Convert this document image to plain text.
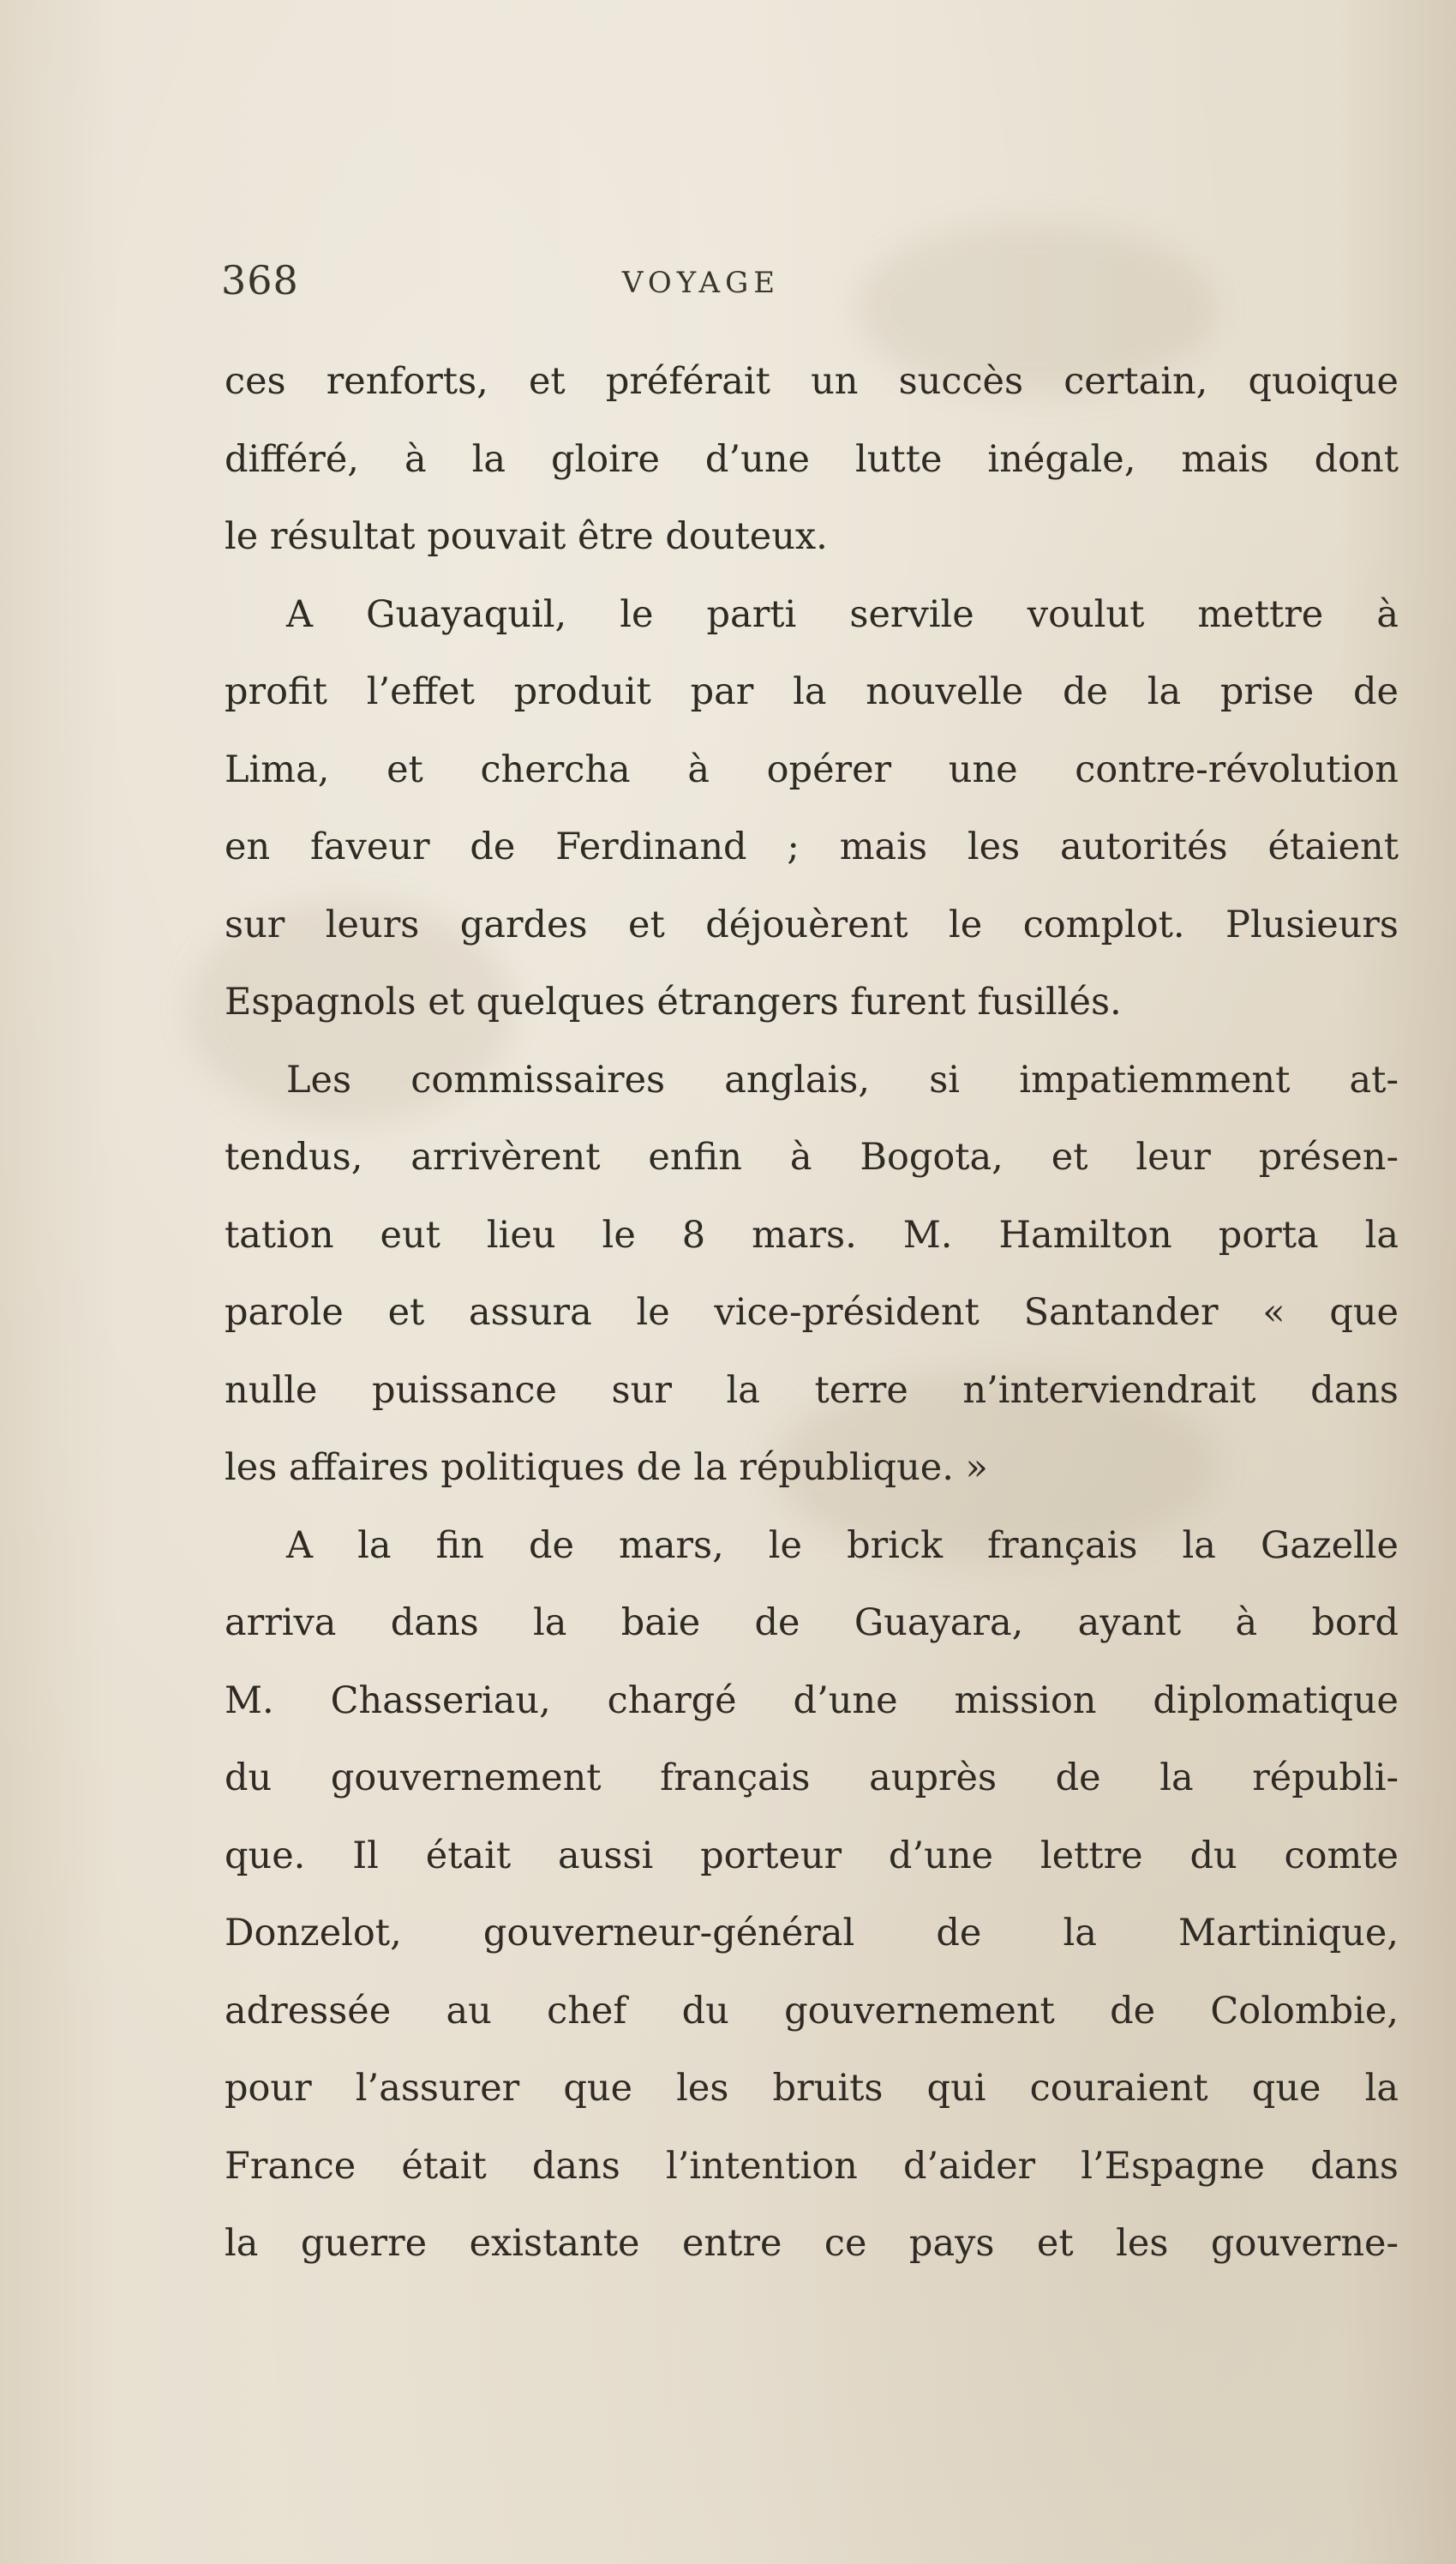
368	VOYAGE
ces renforts, et préférait un succès certain, quoique
différé, à la gloire d’une lutte inégale, mais dont
le résultat pouvait être douteux.
A Guayaquil, le parti servile voulut mettre à
profit l’effet produit par la nouvelle de la prise de
Lima, et chercha à opérer une contre-révolution
en faveur de Ferdinand ; mais les autorités étaient
sur leurs gardes et déjouèrent le complot. Plusieurs
Espagnols et quelques étrangers furent fusillés.
Les commissaires anglais, si impatiemment at-
tendus, arrivèrent enfin à Bogota, et leur présen-
tation eut lieu le 8 mars. M. Hamilton porta la
parole et assura le vice-président Santander « que
nulle puissance sur la terre n’interviendrait dans
les affaires politiques de la république. »
A la fin de mars, le brick français la Gazelle
arriva dans la baie de Guayara, ayant à bord
M. Chasseriau, chargé d’une mission diplomatique
du gouvernement français auprès de la républi-
que. Il était aussi porteur d’une lettre du comte
Donzelot, gouverneur-général de la Martinique,
adressée au chef du gouvernement de Colombie,
pour l’assurer que les bruits qui couraient que la
France était dans l’intention d’aider l’Espagne dans
la guerre existante entre ce pays et les gouverne-
